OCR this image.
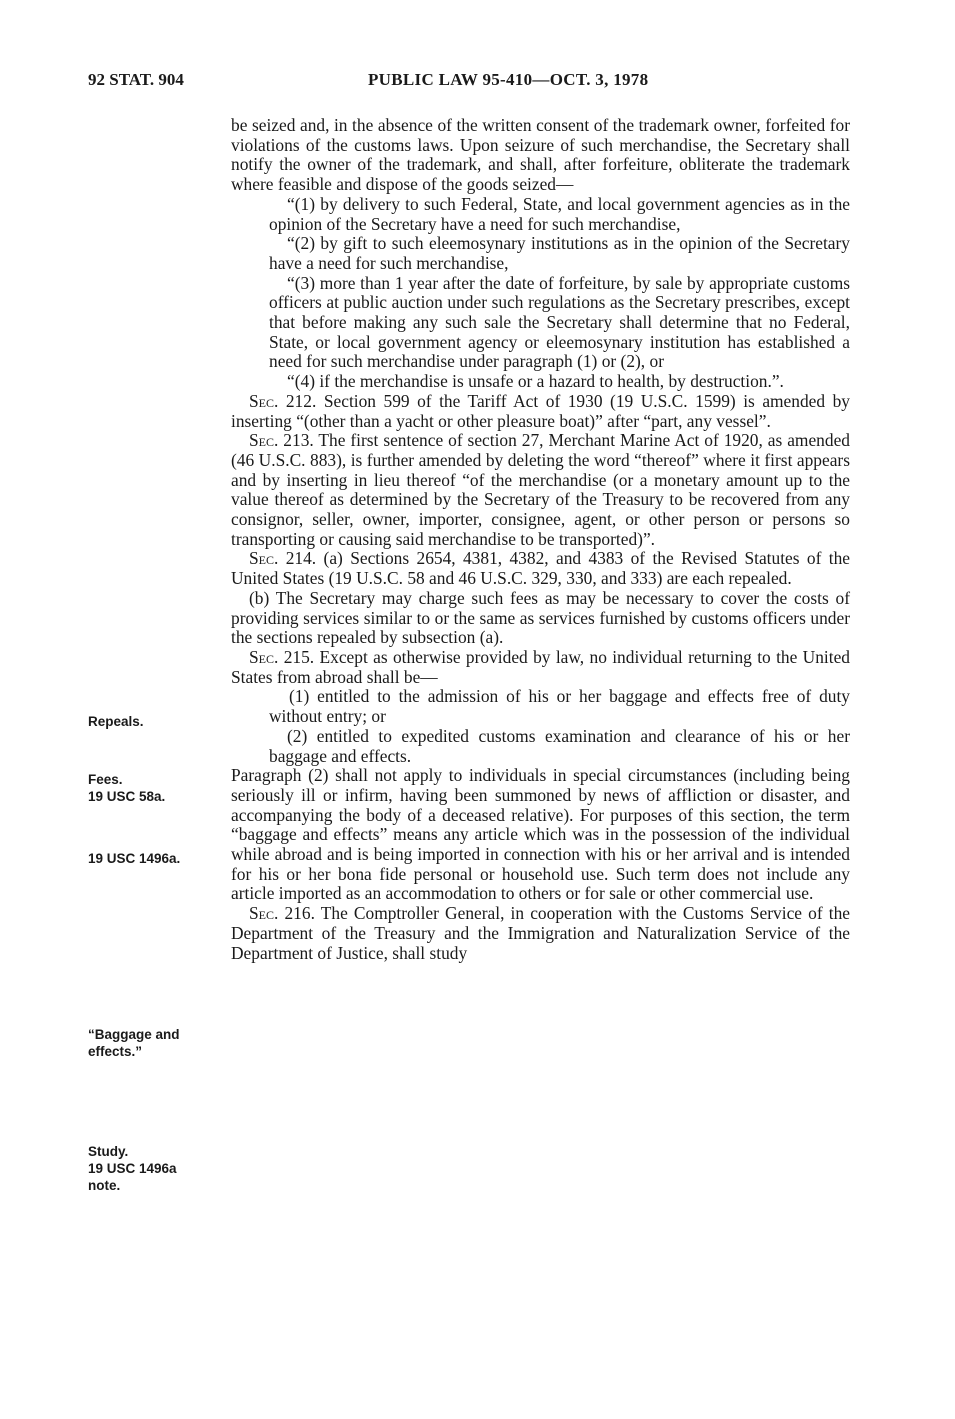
92 STAT. 904	PUBLIC LAW 95-410—OCT. 3, 1978

be seized and, in the absence of the written consent of the trademark owner, forfeited for violations of the customs laws. Upon seizure of such merchandise, the Secretary shall notify the owner of the trademark, and shall, after forfeiture, obliterate the trademark where feasible and dispose of the goods seized—

“(1) by delivery to such Federal, State, and local government agencies as in the opinion of the Secretary have a need for such merchandise,

“(2) by gift to such eleemosynary institutions as in the opinion of the Secretary have a need for such merchandise,

“(3) more than 1 year after the date of forfeiture, by sale by appropriate customs officers at public auction under such regulations as the Secretary prescribes, except that before making any such sale the Secretary shall determine that no Federal, State, or local government agency or eleemosynary institution has established a need for such merchandise under paragraph (1) or (2), or

“(4) if the merchandise is unsafe or a hazard to health, by destruction.”.

Sec. 212. Section 599 of the Tariff Act of 1930 (19 U.S.C. 1599) is amended by inserting “(other than a yacht or other pleasure boat)” after “part, any vessel”.

Sec. 213. The first sentence of section 27, Merchant Marine Act of 1920, as amended (46 U.S.C. 883), is further amended by deleting the word “thereof” where it first appears and by inserting in lieu thereof “of the merchandise (or a monetary amount up to the value thereof as determined by the Secretary of the Treasury to be recovered from any consignor, seller, owner, importer, consignee, agent, or other person or persons so transporting or causing said merchandise to be transported)”.

Sec. 214. (a) Sections 2654, 4381, 4382, and 4383 of the Revised Statutes of the United States (19 U.S.C. 58 and 46 U.S.C. 329, 330, and 333) are each repealed.

(b) The Secretary may charge such fees as may be necessary to cover the costs of providing services similar to or the same as services furnished by customs officers under the sections repealed by subsection (a).

Sec. 215. Except as otherwise provided by law, no individual returning to the United States from abroad shall be—

(1) entitled to the admission of his or her baggage and effects free of duty without entry; or

(2) entitled to expedited customs examination and clearance of his or her baggage and effects.

Paragraph (2) shall not apply to individuals in special circumstances (including being seriously ill or infirm, having been summoned by news of affliction or disaster, and accompanying the body of a deceased relative). For purposes of this section, the term “baggage and effects” means any article which was in the possession of the individual while abroad and is being imported in connection with his or her arrival and is intended for his or her bona fide personal or household use. Such term does not include any article imported as an accommodation to others or for sale or other commercial use.

Sec. 216. The Comptroller General, in cooperation with the Customs Service of the Department of the Treasury and the Immigration and Naturalization Service of the Department of Justice, shall study

Repeals.
Fees.
19 USC 58a.
19 USC 1496a.
“Baggage and
effects.”
Study.
19 USC 1496a
note.
